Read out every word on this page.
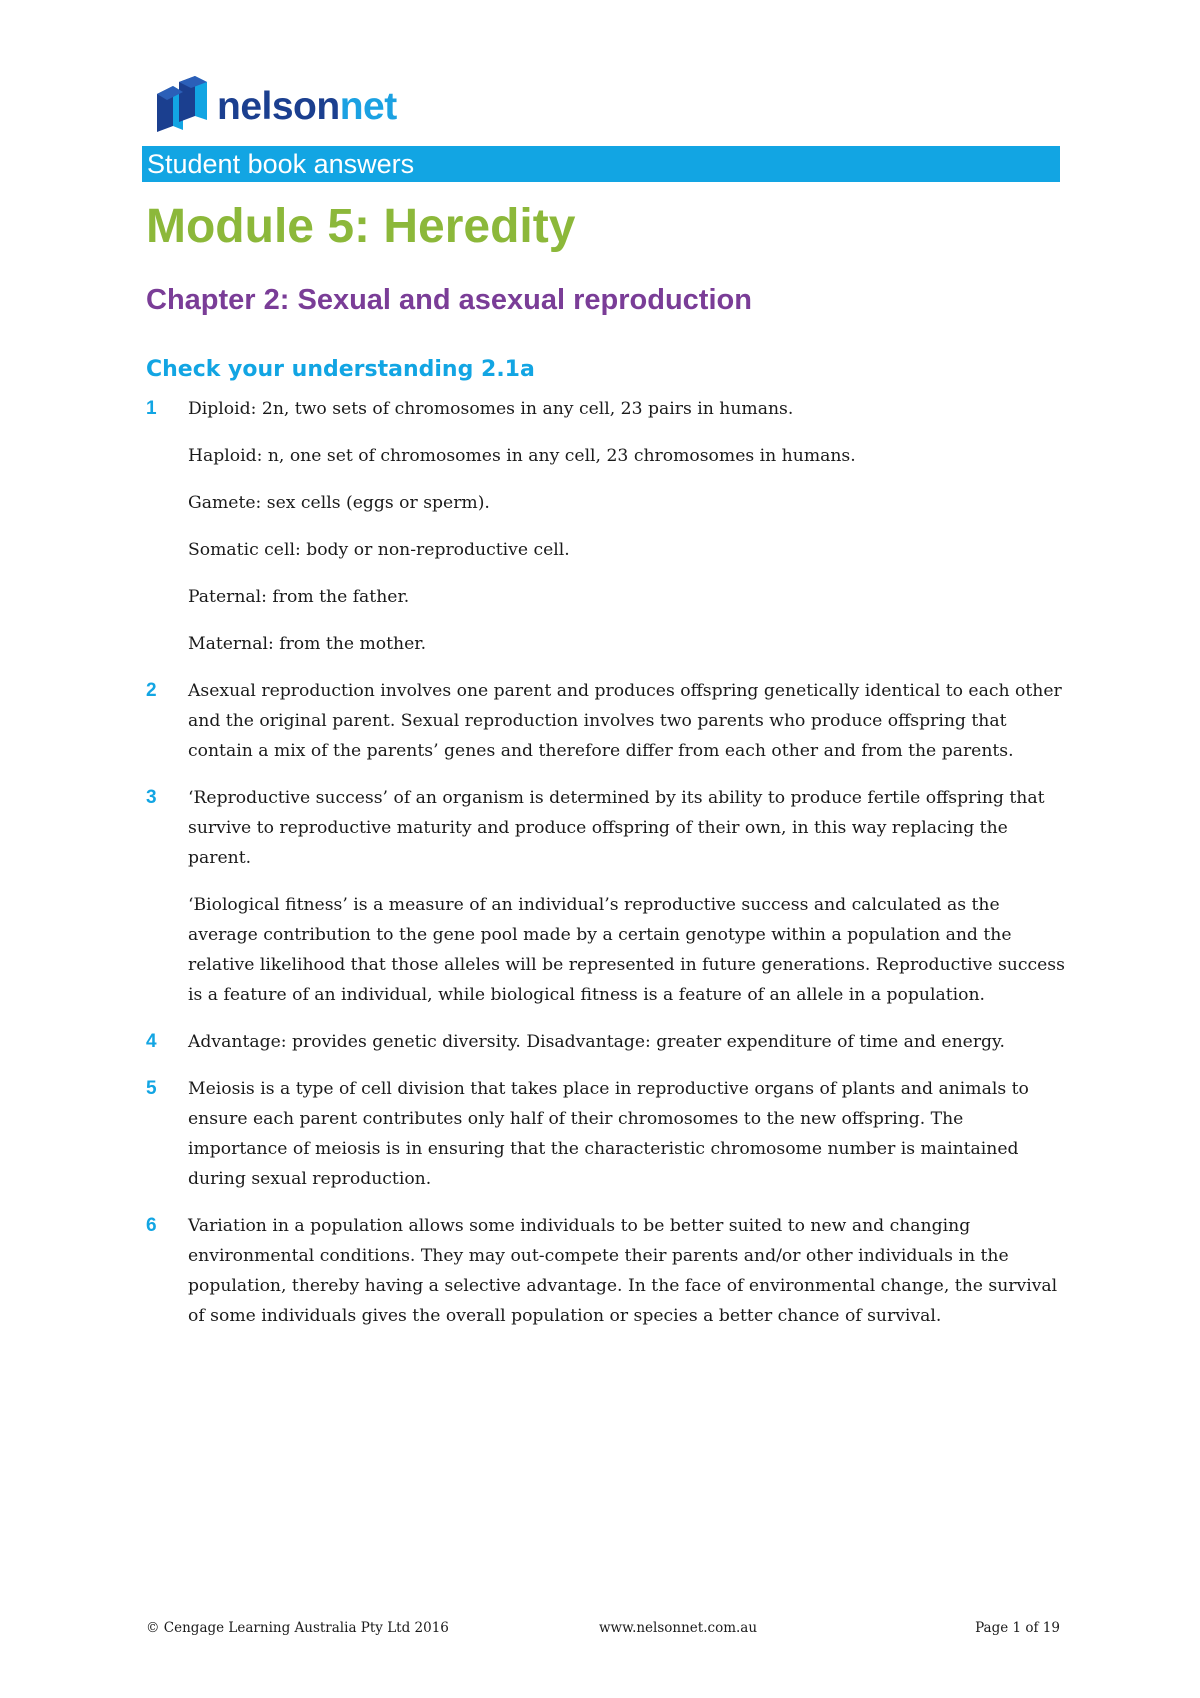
nelsonnet
Student book answers
Module 5: Heredity
Chapter 2: Sexual and asexual reproduction
Check your understanding 2.1a
1 Diploid: 2n, two sets of chromosomes in any cell, 23 pairs in humans.

Haploid: n, one set of chromosomes in any cell, 23 chromosomes in humans.

Gamete: sex cells (eggs or sperm).

Somatic cell: body or non-reproductive cell.

Paternal: from the father.

Maternal: from the mother.

2 Asexual reproduction involves one parent and produces offspring genetically identical to each other and the original parent. Sexual reproduction involves two parents who produce offspring that contain a mix of the parents’ genes and therefore differ from each other and from the parents.

3 ‘Reproductive success’ of an organism is determined by its ability to produce fertile offspring that survive to reproductive maturity and produce offspring of their own, in this way replacing the parent.

‘Biological fitness’ is a measure of an individual’s reproductive success and calculated as the average contribution to the gene pool made by a certain genotype within a population and the relative likelihood that those alleles will be represented in future generations. Reproductive success is a feature of an individual, while biological fitness is a feature of an allele in a population.

4 Advantage: provides genetic diversity. Disadvantage: greater expenditure of time and energy.

5 Meiosis is a type of cell division that takes place in reproductive organs of plants and animals to ensure each parent contributes only half of their chromosomes to the new offspring. The importance of meiosis is in ensuring that the characteristic chromosome number is maintained during sexual reproduction.

6 Variation in a population allows some individuals to be better suited to new and changing environmental conditions. They may out-compete their parents and/or other individuals in the population, thereby having a selective advantage. In the face of environmental change, the survival of some individuals gives the overall population or species a better chance of survival.

© Cengage Learning Australia Pty Ltd 2016	www.nelsonnet.com.au	Page 1 of 19
